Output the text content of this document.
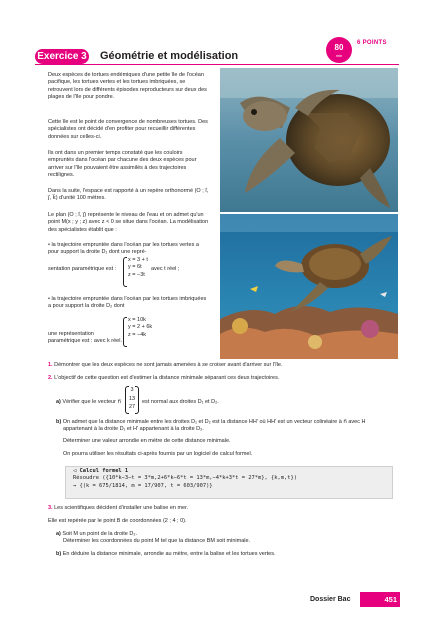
Exercice 3 Géométrie et modélisation
80
min
6 POINTS
Deux espèces de tortues endémiques d'une petite île de l'océan pacifique, les tortues vertes et les tortues imbriquées, se retrouvent lors de différents épisodes reproducteurs sur deux des plages de l'île pour pondre.
Cette île est le point de convergence de nombreuses tortues. Des spécialistes ont décidé d'en profiter pour recueillir différentes données sur celles-ci.
Ils ont dans un premier temps constaté que les couloirs empruntés dans l'océan par chacune des deux espèces pour arriver sur l'île pouvaient être assimilés à des trajectoires rectilignes.
Dans la suite, l'espace est rapporté à un repère orthonormé (O ; i⃗, j⃗, k⃗) d'unité 100 mètres.
Le plan (O ; i⃗, j⃗) représente le niveau de l'eau et on admet qu'un point M(x ; y ; z) avec z < 0 se situe dans l'océan. La modélisation des spécialistes établit que :
• la trajectoire empruntée dans l'océan par les tortues vertes a pour support la droite D₁ dont une repré-
sentation paramétrique est :
x = 3 + t
y = 6t
z = −3t
avec t réel ;
• la trajectoire empruntée dans l'océan par les tortues imbriquées a pour support la droite D₂ dont
une représentation paramétrique est : avec k réel.
x = 10k
y = 2 + 6k
z = −4k
1. Démontrer que les deux espèces ne sont jamais amenées à se croiser avant d'arriver sur l'île.
2. L'objectif de cette question est d'estimer la distance minimale séparant ces deux trajectoires.
a) Vérifier que le vecteur n⃗
3
13
27
est normal aux droites D₁ et D₂.
b) On admet que la distance minimale entre les droites D₁ et D₂ est la distance HH' où HH' est un vecteur colinéaire à n⃗ avec H
appartenant à la droite D₁ et H' appartenant à la droite D₂.
Déterminer une valeur arrondie en mètre de cette distance minimale.
On pourra utiliser les résultats ci-après fournis par un logiciel de calcul formel.
◁ Calcul formel 1
Résoudre ({10*k−3−t = 3*m,2+6*k−6*t = 13*m,−4*k+3*t = 27*m}, {k,m,t})
→ {(k = 675/1814, m = 17/907, t = 603/907)}
3. Les scientifiques décident d'installer une balise en mer.
Elle est repérée par le point B de coordonnées (2 ; 4 ; 0).
a) Soit M un point de la droite D₂.
Déterminer les coordonnées du point M tel que la distance BM soit minimale.
b) En déduire la distance minimale, arrondie au mètre, entre la balise et les tortues vertes.
Dossier Bac	451
